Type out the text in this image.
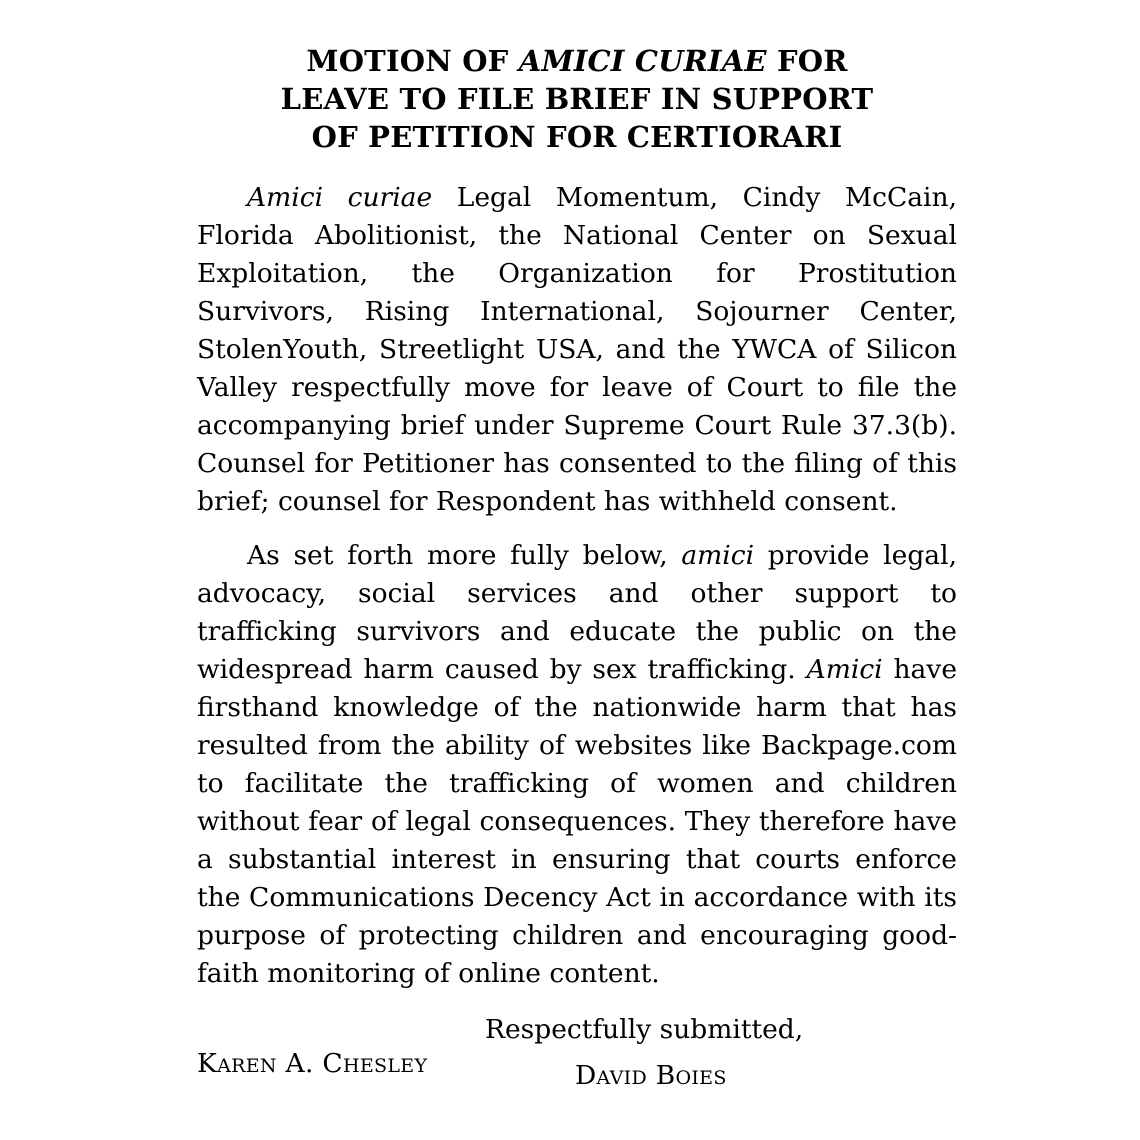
MOTION OF AMICI CURIAE FOR
LEAVE TO FILE BRIEF IN SUPPORT
OF PETITION FOR CERTIORARI

Amici curiae Legal Momentum, Cindy McCain, Florida Abolitionist, the National Center on Sexual Exploitation, the Organization for Prostitution Survivors, Rising International, Sojourner Center, StolenYouth, Streetlight USA, and the YWCA of Silicon Valley respectfully move for leave of Court to file the accompanying brief under Supreme Court Rule 37.3(b). Counsel for Petitioner has consented to the filing of this brief; counsel for Respondent has withheld consent.

As set forth more fully below, amici provide legal, advocacy, social services and other support to trafficking survivors and educate the public on the widespread harm caused by sex trafficking. Amici have firsthand knowledge of the nationwide harm that has resulted from the ability of websites like Backpage.com to facilitate the trafficking of women and children without fear of legal consequences. They therefore have a substantial interest in ensuring that courts enforce the Communications Decency Act in accordance with its purpose of protecting children and encouraging good-faith monitoring of online content.

Respectfully submitted,
Karen A. Chesley	David Boies
